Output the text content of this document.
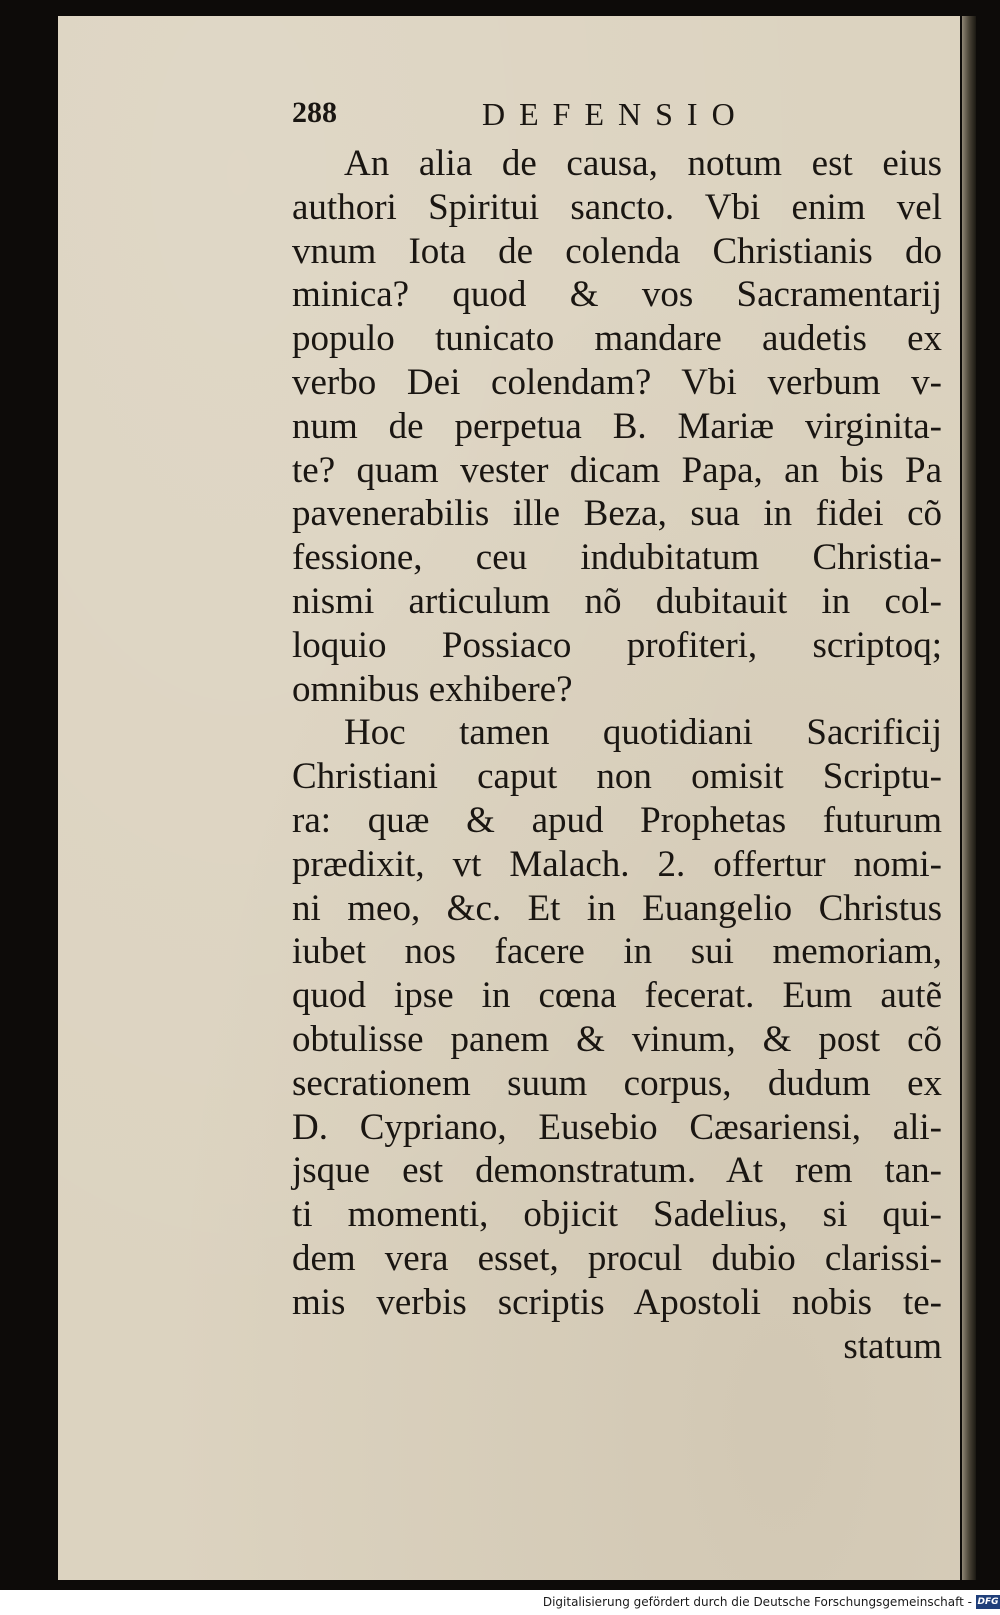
288	DEFENSIO
An alia de causa, notum est eius
authori Spiritui sancto. Vbi enim vel
vnum Iota de colenda Christianis do
minica? quod & vos Sacramentarij
populo tunicato mandare audetis ex
verbo Dei colendam? Vbi verbum v-
num de perpetua B. Mariæ virginita-
te? quam vester dicam Papa, an bis Pa
pavenerabilis ille Beza, sua in fidei cõ
fessione, ceu indubitatum Christia-
nismi articulum nõ dubitauit in col-
loquio Possiaco profiteri, scriptoq;
omnibus exhibere?
Hoc tamen quotidiani Sacrificij
Christiani caput non omisit Scriptu-
ra: quæ & apud Prophetas futurum
prædixit, vt Malach. 2. offertur nomi-
ni meo, &c. Et in Euangelio Christus
iubet nos facere in sui memoriam,
quod ipse in cœna fecerat. Eum autẽ
obtulisse panem & vinum, & post cõ
secrationem suum corpus, dudum ex
D. Cypriano, Eusebio Cæsariensi, ali-
jsque est demonstratum. At rem tan-
ti momenti, objicit Sadelius, si qui-
dem vera esset, procul dubio clarissi-
mis verbis scriptis Apostoli nobis te-
statum
Digitalisierung gefördert durch die Deutsche Forschungsgemeinschaft - DFG
